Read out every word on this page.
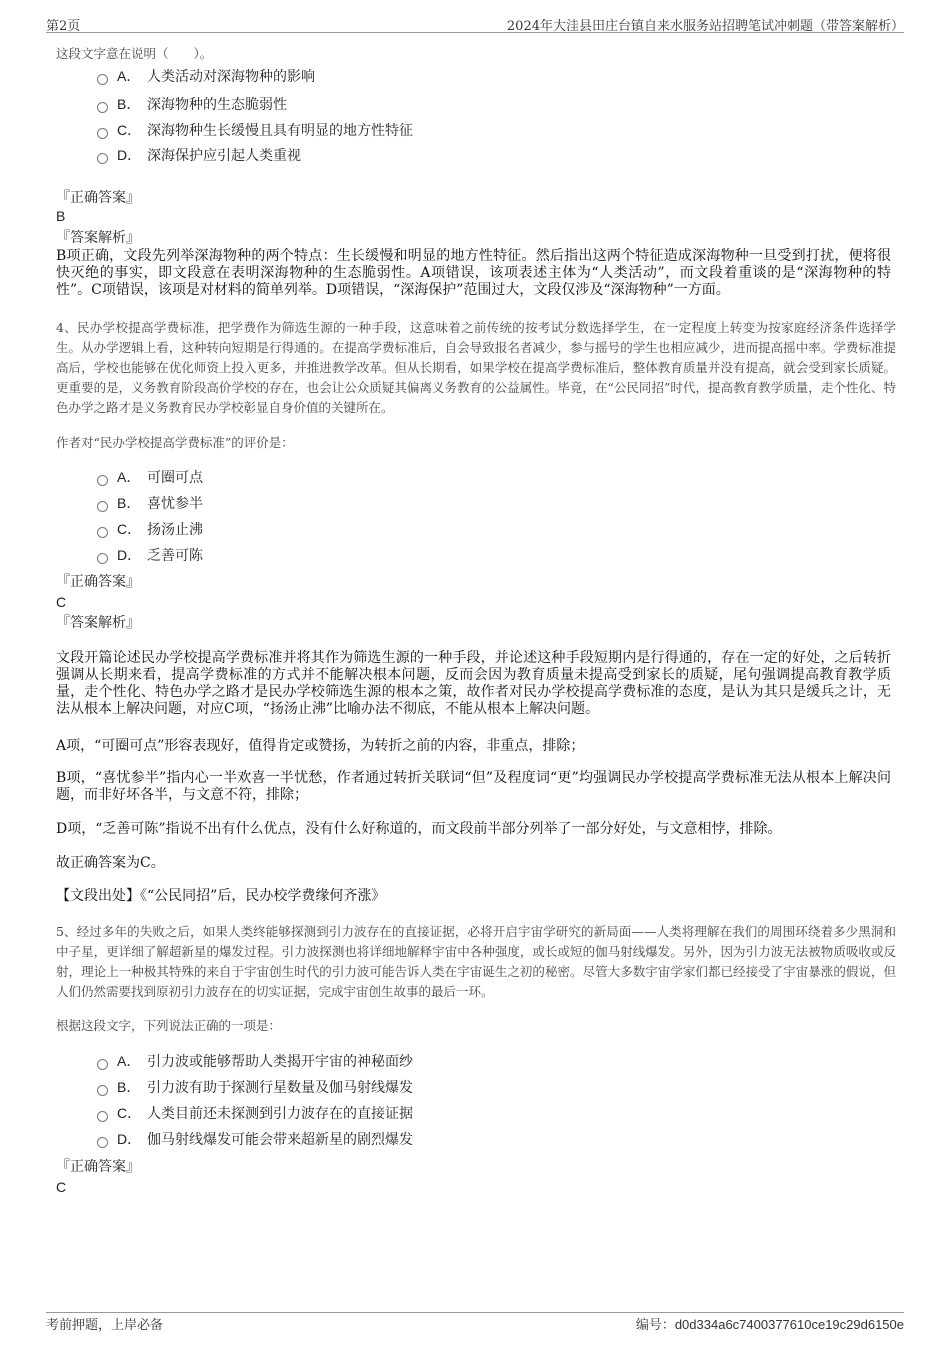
第2页	2024年大洼县田庄台镇自来水服务站招聘笔试冲刺题（带答案解析）
这段文字意在说明（　　）。
A． 人类活动对深海物种的影响
B． 深海物种的生态脆弱性
C． 深海物种生长缓慢且具有明显的地方性特征
D． 深海保护应引起人类重视
『正确答案』
B
『答案解析』
B项正确，文段先列举深海物种的两个特点：生长缓慢和明显的地方性特征。然后指出这两个特征造成深海物种一旦受到打扰，便将很快灭绝的事实，即文段意在表明深海物种的生态脆弱性。A项错误，该项表述主体为“人类活动”，而文段着重谈的是“深海物种的特性”。C项错误，该项是对材料的简单列举。D项错误，“深海保护”范围过大，文段仅涉及“深海物种”一方面。
4、民办学校提高学费标准，把学费作为筛选生源的一种手段，这意味着之前传统的按考试分数选择学生，在一定程度上转变为按家庭经济条件选择学生。从办学逻辑上看，这种转向短期是行得通的。在提高学费标准后，自会导致报名者减少，参与摇号的学生也相应减少，进而提高摇中率。学费标准提高后，学校也能够在优化师资上投入更多，并推进教学改革。但从长期看，如果学校在提高学费标准后，整体教育质量并没有提高，就会受到家长质疑。更重要的是，义务教育阶段高价学校的存在，也会让公众质疑其偏离义务教育的公益属性。毕竟，在“公民同招”时代，提高教育教学质量，走个性化、特色办学之路才是义务教育民办学校彰显自身价值的关键所在。
作者对“民办学校提高学费标准”的评价是：
A． 可圈可点
B． 喜忧参半
C． 扬汤止沸
D． 乏善可陈
『正确答案』
C
『答案解析』
文段开篇论述民办学校提高学费标准并将其作为筛选生源的一种手段，并论述这种手段短期内是行得通的，存在一定的好处，之后转折强调从长期来看，提高学费标准的方式并不能解决根本问题，反而会因为教育质量未提高受到家长的质疑，尾句强调提高教育教学质量，走个性化、特色办学之路才是民办学校筛选生源的根本之策，故作者对民办学校提高学费标准的态度，是认为其只是缓兵之计，无法从根本上解决问题，对应C项，“扬汤止沸”比喻办法不彻底，不能从根本上解决问题。
A项，“可圈可点”形容表现好，值得肯定或赞扬，为转折之前的内容，非重点，排除；
B项，“喜忧参半”指内心一半欢喜一半忧愁，作者通过转折关联词“但”及程度词“更”均强调民办学校提高学费标准无法从根本上解决问题，而非好坏各半，与文意不符，排除；
D项，“乏善可陈”指说不出有什么优点，没有什么好称道的，而文段前半部分列举了一部分好处，与文意相悖，排除。
故正确答案为C。
【文段出处】《“公民同招”后，民办校学费缘何齐涨》
5、经过多年的失败之后，如果人类终能够探测到引力波存在的直接证据，必将开启宇宙学研究的新局面——人类将理解在我们的周围环绕着多少黑洞和中子星，更详细了解超新星的爆发过程。引力波探测也将详细地解释宇宙中各种强度，或长或短的伽马射线爆发。另外，因为引力波无法被物质吸收或反射，理论上一种极其特殊的来自于宇宙创生时代的引力波可能告诉人类在宇宙诞生之初的秘密。尽管大多数宇宙学家们都已经接受了宇宙暴涨的假说，但人们仍然需要找到原初引力波存在的切实证据，完成宇宙创生故事的最后一环。
根据这段文字，下列说法正确的一项是：
A． 引力波或能够帮助人类揭开宇宙的神秘面纱
B． 引力波有助于探测行星数量及伽马射线爆发
C． 人类目前还未探测到引力波存在的直接证据
D． 伽马射线爆发可能会带来超新星的剧烈爆发
『正确答案』
C
考前押题，上岸必备	编号：d0d334a6c7400377610ce19c29d6150e
